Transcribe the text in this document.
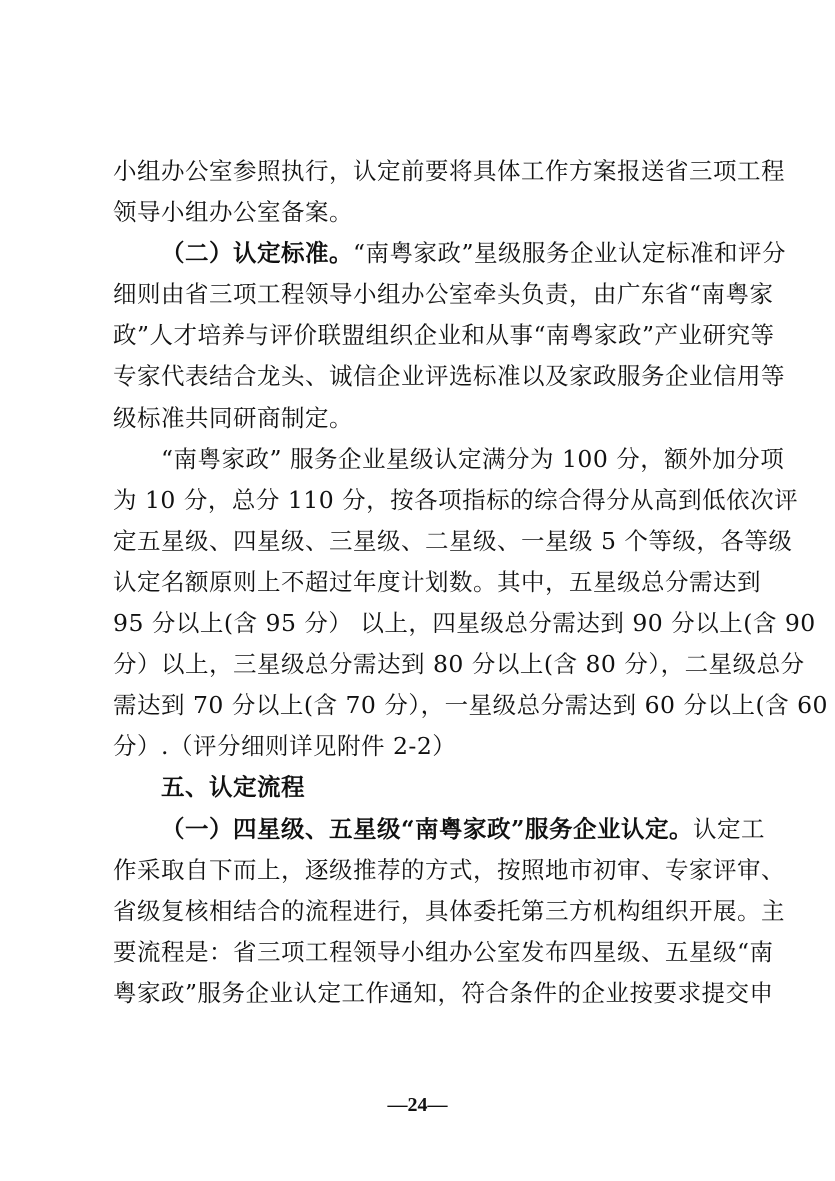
小组办公室参照执行，认定前要将具体工作方案报送省三项工程
领导小组办公室备案。
（二）认定标准。“南粤家政”星级服务企业认定标准和评分
细则由省三项工程领导小组办公室牵头负责，由广东省“南粤家
政”人才培养与评价联盟组织企业和从事“南粤家政”产业研究等
专家代表结合龙头、诚信企业评选标准以及家政服务企业信用等
级标准共同研商制定。
“南粤家政” 服务企业星级认定满分为 100 分，额外加分项
为 10 分，总分 110 分，按各项指标的综合得分从高到低依次评
定五星级、四星级、三星级、二星级、一星级 5 个等级，各等级
认定名额原则上不超过年度计划数。其中，五星级总分需达到
95 分以上(含 95 分） 以上，四星级总分需达到 90 分以上(含 90
分）以上，三星级总分需达到 80 分以上(含 80 分），二星级总分
需达到 70 分以上(含 70 分），一星级总分需达到 60 分以上(含 60
分）.（评分细则详见附件 2-2）
五、认定流程
（一）四星级、五星级“南粤家政”服务企业认定。认定工
作采取自下而上，逐级推荐的方式，按照地市初审、专家评审、
省级复核相结合的流程进行，具体委托第三方机构组织开展。主
要流程是：省三项工程领导小组办公室发布四星级、五星级“南
粤家政”服务企业认定工作通知，符合条件的企业按要求提交申
—24—
